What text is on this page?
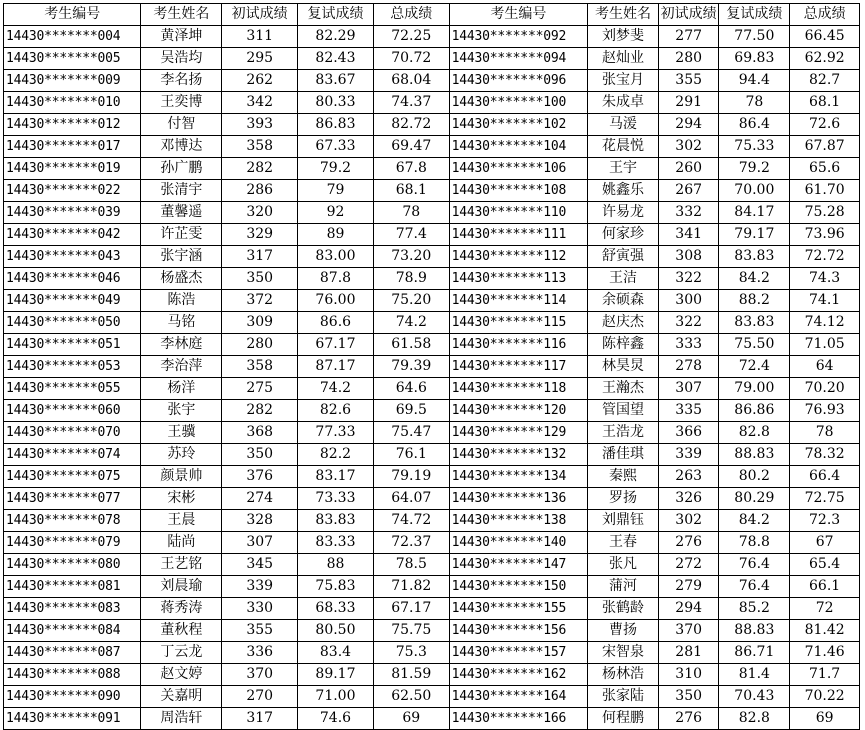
考生编号	考生姓名	初试成绩	复试成绩	总成绩	考生编号	考生姓名	初试成绩	复试成绩	总成绩
14430*******004	黄泽坤	311	82.29	72.25	14430*******092	刘梦斐	277	77.50	66.45
14430*******005	吴浩均	295	82.43	70.72	14430*******094	赵灿业	280	69.83	62.92
14430*******009	李名扬	262	83.67	68.04	14430*******096	张宝月	355	94.4	82.7
14430*******010	王奕博	342	80.33	74.37	14430*******100	朱成卓	291	78	68.1
14430*******012	付智	393	86.83	82.72	14430*******102	马湲	294	86.4	72.6
14430*******017	邓博达	358	67.33	69.47	14430*******104	花晨悦	302	75.33	67.87
14430*******019	孙广鹏	282	79.2	67.8	14430*******106	王宇	260	79.2	65.6
14430*******022	张清宇	286	79	68.1	14430*******108	姚鑫乐	267	70.00	61.70
14430*******039	董馨遥	320	92	78	14430*******110	许易龙	332	84.17	75.28
14430*******042	许芷雯	329	89	77.4	14430*******111	何家珍	341	79.17	73.96
14430*******043	张宇涵	317	83.00	73.20	14430*******112	舒寅强	308	83.83	72.72
14430*******046	杨盛杰	350	87.8	78.9	14430*******113	王洁	322	84.2	74.3
14430*******049	陈浩	372	76.00	75.20	14430*******114	余硕森	300	88.2	74.1
14430*******050	马铭	309	86.6	74.2	14430*******115	赵庆杰	322	83.83	74.12
14430*******051	李林庭	280	67.17	61.58	14430*******116	陈梓鑫	333	75.50	71.05
14430*******053	李治萍	358	87.17	79.39	14430*******117	林昊炅	278	72.4	64
14430*******055	杨洋	275	74.2	64.6	14430*******118	王瀚杰	307	79.00	70.20
14430*******060	张宇	282	82.6	69.5	14430*******120	管国望	335	86.86	76.93
14430*******070	王骥	368	77.33	75.47	14430*******129	王浩龙	366	82.8	78
14430*******074	苏玲	350	82.2	76.1	14430*******132	潘佳琪	339	88.83	78.32
14430*******075	颜景帅	376	83.17	79.19	14430*******134	秦熙	263	80.2	66.4
14430*******077	宋彬	274	73.33	64.07	14430*******136	罗扬	326	80.29	72.75
14430*******078	王晨	328	83.83	74.72	14430*******138	刘鼎钰	302	84.2	72.3
14430*******079	陆尚	307	83.33	72.37	14430*******140	王春	276	78.8	67
14430*******080	王艺铭	345	88	78.5	14430*******147	张凡	272	76.4	65.4
14430*******081	刘晨瑜	339	75.83	71.82	14430*******150	蒲河	279	76.4	66.1
14430*******083	蒋秀涛	330	68.33	67.17	14430*******155	张鹤龄	294	85.2	72
14430*******084	董秋程	355	80.50	75.75	14430*******156	曹扬	370	88.83	81.42
14430*******087	丁云龙	336	83.4	75.3	14430*******157	宋智泉	281	86.71	71.46
14430*******088	赵文婷	370	89.17	81.59	14430*******162	杨林浩	310	81.4	71.7
14430*******090	关嘉明	270	71.00	62.50	14430*******164	张家陆	350	70.43	70.22
14430*******091	周浩轩	317	74.6	69	14430*******166	何程鹏	276	82.8	69
